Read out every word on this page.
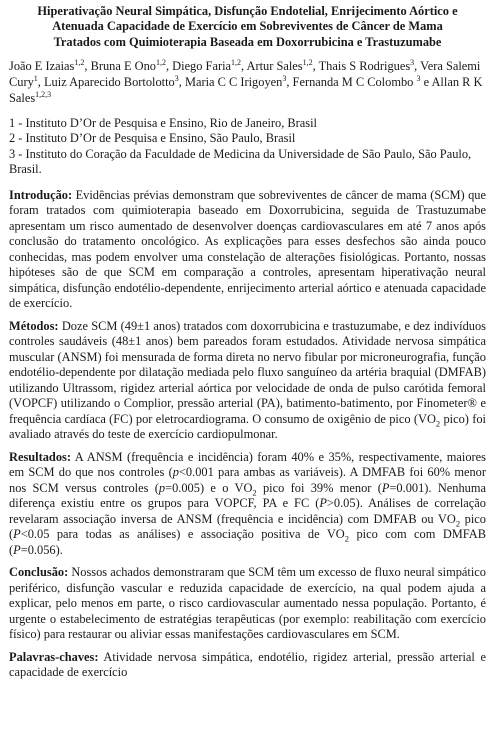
Hiperativação Neural Simpática, Disfunção Endotelial, Enrijecimento Aórtico e
Atenuada Capacidade de Exercício em Sobreviventes de Câncer de Mama
Tratados com Quimioterapia Baseada em Doxorrubicina e Trastuzumabe
João E Izaias$^{1,2}$, Bruna E Ono$^{1,2}$, Diego Faria$^{1,2}$, Artur Sales$^{1,2}$, Thais S Rodrigues$^3$, Vera Salemi Cury$^1$, Luiz Aparecido Bortolotto$^3$, Maria C C Irigoyen$^3$, Fernanda M C Colombo $^3$ e Allan R K Sales$^{1,2,3}$
1 - Instituto D’Or de Pesquisa e Ensino, Rio de Janeiro, Brasil
2 - Instituto D’Or de Pesquisa e Ensino, São Paulo, Brasil
3 - Instituto do Coração da Faculdade de Medicina da Universidade de São Paulo, São Paulo, Brasil.
Introdução: Evidências prévias demonstram que sobreviventes de câncer de mama (SCM) que foram tratados com quimioterapia baseado em Doxorrubicina, seguida de Trastuzumabe apresentam um risco aumentado de desenvolver doenças cardiovasculares em até 7 anos após conclusão do tratamento oncológico. As explicações para esses desfechos são ainda pouco conhecidas, mas podem envolver uma constelação de alterações fisiológicas. Portanto, nossas hipóteses são de que SCM em comparação a controles, apresentam hiperativação neural simpática, disfunção endotélio-dependente, enrijecimento arterial aórtico e atenuada capacidade de exercício.
Métodos: Doze SCM (49±1 anos) tratados com doxorrubicina e trastuzumabe, e dez indivíduos controles saudáveis (48±1 anos) bem pareados foram estudados. Atividade nervosa simpática muscular (ANSM) foi mensurada de forma direta no nervo fibular por microneurografia, função endotélio-dependente por dilatação mediada pelo fluxo sanguíneo da artéria braquial (DMFAB) utilizando Ultrassom, rigidez arterial aórtica por velocidade de onda de pulso carótida femoral (VOPCF) utilizando o Complior, pressão arterial (PA), batimento-batimento, por Finometer® e frequência cardíaca (FC) por eletrocardiograma. O consumo de oxigênio de pico ($VO_2$ pico) foi avaliado através do teste de exercício cardiopulmonar.
Resultados: A ANSM (frequência e incidência) foram 40% e 35%, respectivamente, maiores em SCM do que nos controles (p<0.001 para ambas as variáveis). A DMFAB foi 60% menor nos SCM versus controles (p=0.005) e o $VO_2$ pico foi 39% menor (P=0.001). Nenhuma diferença existiu entre os grupos para VOPCF, PA e FC (P>0.05). Análises de correlação revelaram associação inversa de ANSM (frequência e incidência) com DMFAB ou $VO_2$ pico (P<0.05 para todas as análises) e associação positiva de $VO_2$ pico com com DMFAB (P=0.056).
Conclusão: Nossos achados demonstraram que SCM têm um excesso de fluxo neural simpático periférico, disfunção vascular e reduzida capacidade de exercício, na qual podem ajuda a explicar, pelo menos em parte, o risco cardiovascular aumentado nessa população. Portanto, é urgente o estabelecimento de estratégias terapêuticas (por exemplo: reabilitação com exercício físico) para restaurar ou aliviar essas manifestações cardiovasculares em SCM.
Palavras-chaves: Atividade nervosa simpática, endotélio, rigidez arterial, pressão arterial e capacidade de exercício
